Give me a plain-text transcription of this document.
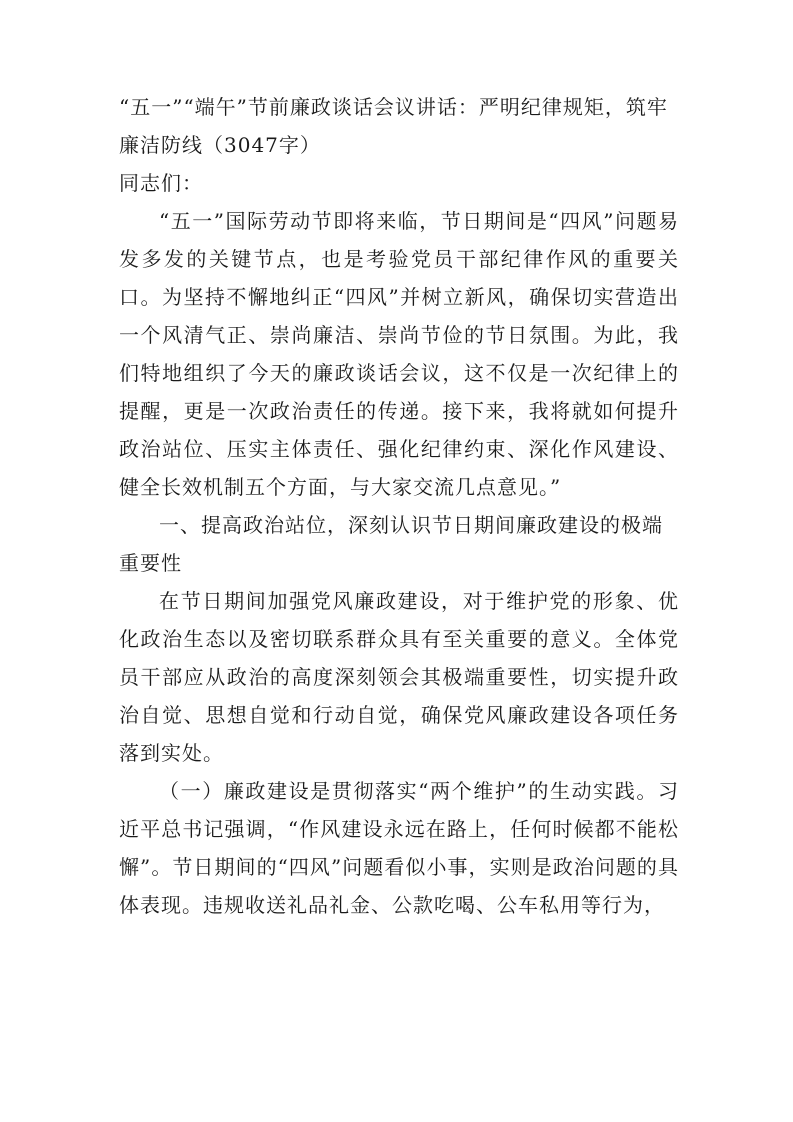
“五一”“端午”节前廉政谈话会议讲话：严明纪律规矩，筑牢廉洁防线（3047字）

同志们：

“五一”国际劳动节即将来临，节日期间是“四风”问题易发多发的关键节点，也是考验党员干部纪律作风的重要关口。为坚持不懈地纠正“四风”并树立新风，确保切实营造出一个风清气正、崇尚廉洁、崇尚节俭的节日氛围。为此，我们特地组织了今天的廉政谈话会议，这不仅是一次纪律上的提醒，更是一次政治责任的传递。接下来，我将就如何提升政治站位、压实主体责任、强化纪律约束、深化作风建设、健全长效机制五个方面，与大家交流几点意见。”

一、提高政治站位，深刻认识节日期间廉政建设的极端重要性

在节日期间加强党风廉政建设，对于维护党的形象、优化政治生态以及密切联系群众具有至关重要的意义。全体党员干部应从政治的高度深刻领会其极端重要性，切实提升政治自觉、思想自觉和行动自觉，确保党风廉政建设各项任务落到实处。

（一）廉政建设是贯彻落实“两个维护”的生动实践。习近平总书记强调，“作风建设永远在路上，任何时候都不能松懈”。节日期间的“四风”问题看似小事，实则是政治问题的具体表现。违规收送礼品礼金、公款吃喝、公车私用等行为，
